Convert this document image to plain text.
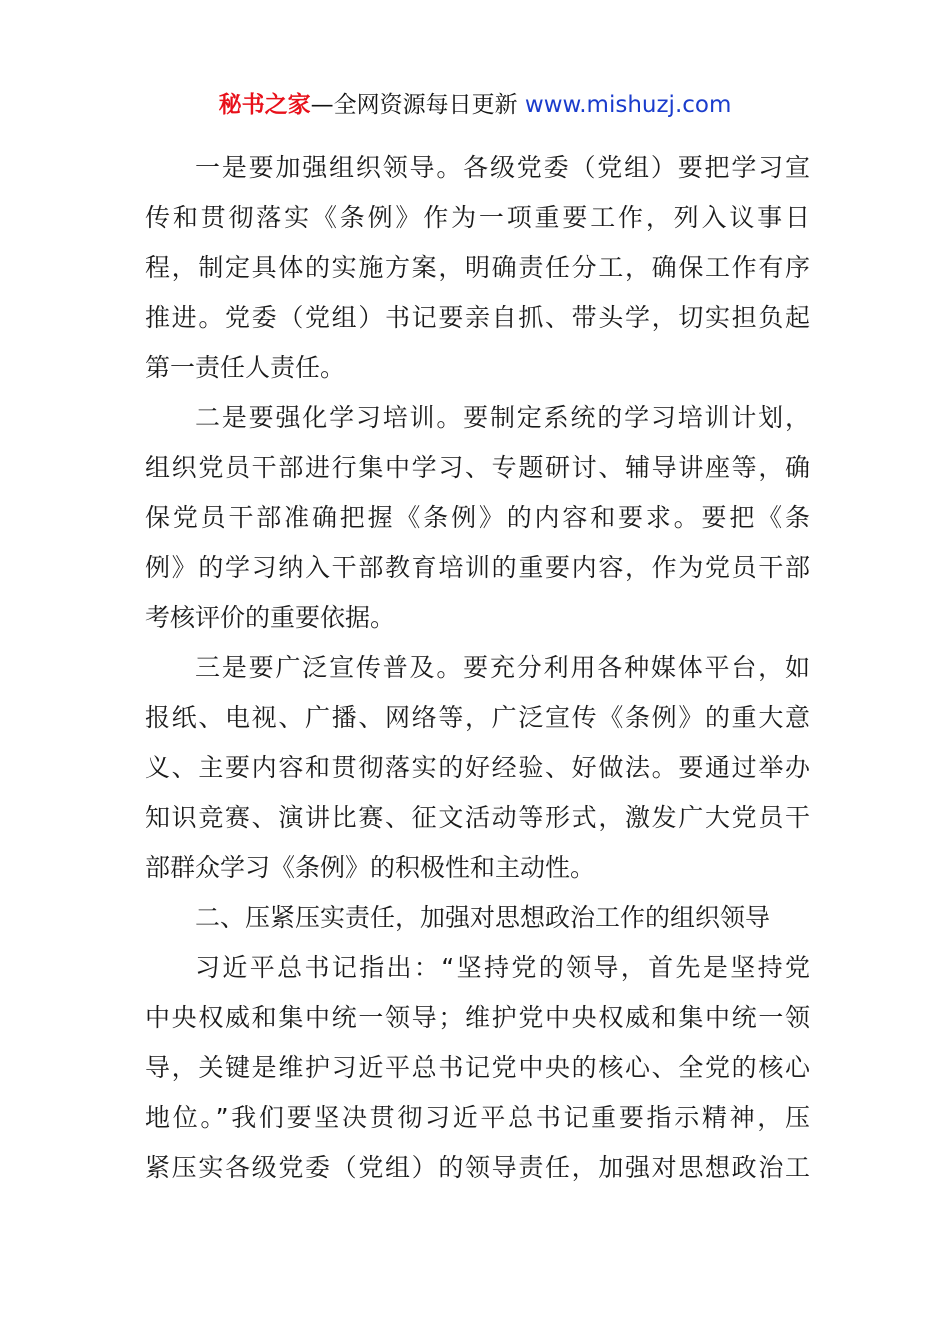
秘书之家—全网资源每日更新 www.mishuzj.com
一是要加强组织领导。各级党委（党组）要把学习宣
传和贯彻落实《条例》作为一项重要工作，列入议事日
程，制定具体的实施方案，明确责任分工，确保工作有序
推进。党委（党组）书记要亲自抓、带头学，切实担负起
第一责任人责任。
二是要强化学习培训。要制定系统的学习培训计划，
组织党员干部进行集中学习、专题研讨、辅导讲座等，确
保党员干部准确把握《条例》的内容和要求。要把《条
例》的学习纳入干部教育培训的重要内容，作为党员干部
考核评价的重要依据。
三是要广泛宣传普及。要充分利用各种媒体平台，如
报纸、电视、广播、网络等，广泛宣传《条例》的重大意
义、主要内容和贯彻落实的好经验、好做法。要通过举办
知识竞赛、演讲比赛、征文活动等形式，激发广大党员干
部群众学习《条例》的积极性和主动性。
二、压紧压实责任，加强对思想政治工作的组织领导
习近平总书记指出：“坚持党的领导，首先是坚持党
中央权威和集中统一领导；维护党中央权威和集中统一领
导，关键是维护习近平总书记党中央的核心、全党的核心
地位。”我们要坚决贯彻习近平总书记重要指示精神，压
紧压实各级党委（党组）的领导责任，加强对思想政治工
